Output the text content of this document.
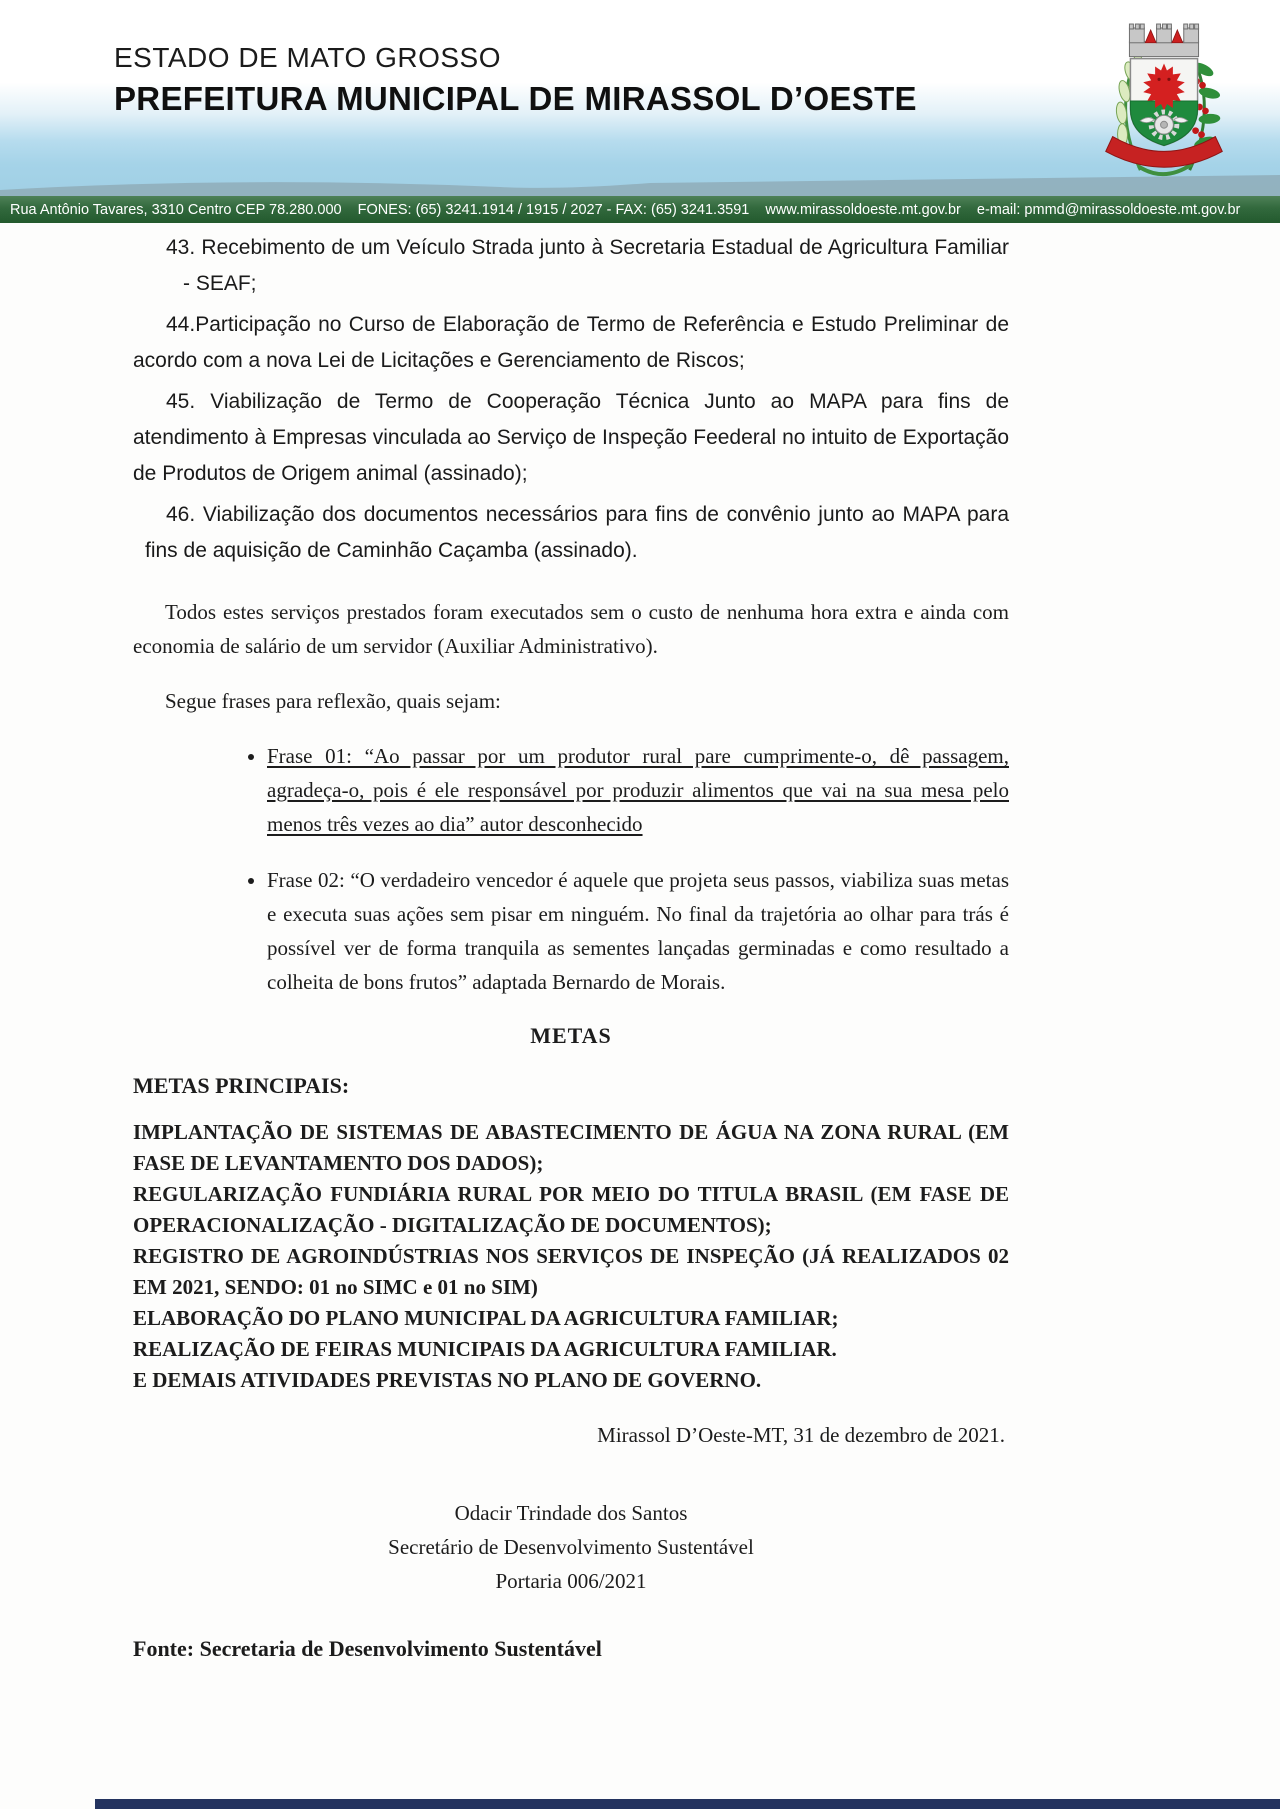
ESTADO DE MATO GROSSO
PREFEITURA MUNICIPAL DE MIRASSOL D’OESTE
Rua Antônio Tavares, 3310 Centro CEP 78.280.000 FONES: (65) 3241.1914 / 1915 / 2027 - FAX: (65) 3241.3591 www.mirassoldoeste.mt.gov.br e-mail: pmmd@mirassoldoeste.mt.gov.br
43. Recebimento de um Veículo Strada junto à Secretaria Estadual de Agricultura Familiar - SEAF;
44.Participação no Curso de Elaboração de Termo de Referência e Estudo Preliminar de acordo com a nova Lei de Licitações e Gerenciamento de Riscos;
45. Viabilização de Termo de Cooperação Técnica Junto ao MAPA para fins de atendimento à Empresas vinculada ao Serviço de Inspeção Feederal no intuito de Exportação de Produtos de Origem animal (assinado);
46. Viabilização dos documentos necessários para fins de convênio junto ao MAPA para fins de aquisição de Caminhão Caçamba (assinado).

Todos estes serviços prestados foram executados sem o custo de nenhuma hora extra e ainda com economia de salário de um servidor (Auxiliar Administrativo).

Segue frases para reflexão, quais sejam:

• Frase 01: “Ao passar por um produtor rural pare cumprimente-o, dê passagem, agradeça-o, pois é ele responsável por produzir alimentos que vai na sua mesa pelo menos três vezes ao dia” autor desconhecido
• Frase 02: “O verdadeiro vencedor é aquele que projeta seus passos, viabiliza suas metas e executa suas ações sem pisar em ninguém. No final da trajetória ao olhar para trás é possível ver de forma tranquila as sementes lançadas germinadas e como resultado a colheita de bons frutos” adaptada Bernardo de Morais.
METAS
METAS PRINCIPAIS:
IMPLANTAÇÃO DE SISTEMAS DE ABASTECIMENTO DE ÁGUA NA ZONA RURAL (EM FASE DE LEVANTAMENTO DOS DADOS);
REGULARIZAÇÃO FUNDIÁRIA RURAL POR MEIO DO TITULA BRASIL (EM FASE DE OPERACIONALIZAÇÃO - DIGITALIZAÇÃO DE DOCUMENTOS);
REGISTRO DE AGROINDÚSTRIAS NOS SERVIÇOS DE INSPEÇÃO (JÁ REALIZADOS 02 EM 2021, SENDO: 01 no SIMC e 01 no SIM)
ELABORAÇÃO DO PLANO MUNICIPAL DA AGRICULTURA FAMILIAR;
REALIZAÇÃO DE FEIRAS MUNICIPAIS DA AGRICULTURA FAMILIAR.
E DEMAIS ATIVIDADES PREVISTAS NO PLANO DE GOVERNO.
Mirassol D’Oeste-MT, 31 de dezembro de 2021.
Odacir Trindade dos Santos
Secretário de Desenvolvimento Sustentável
Portaria 006/2021
Fonte: Secretaria de Desenvolvimento Sustentável
